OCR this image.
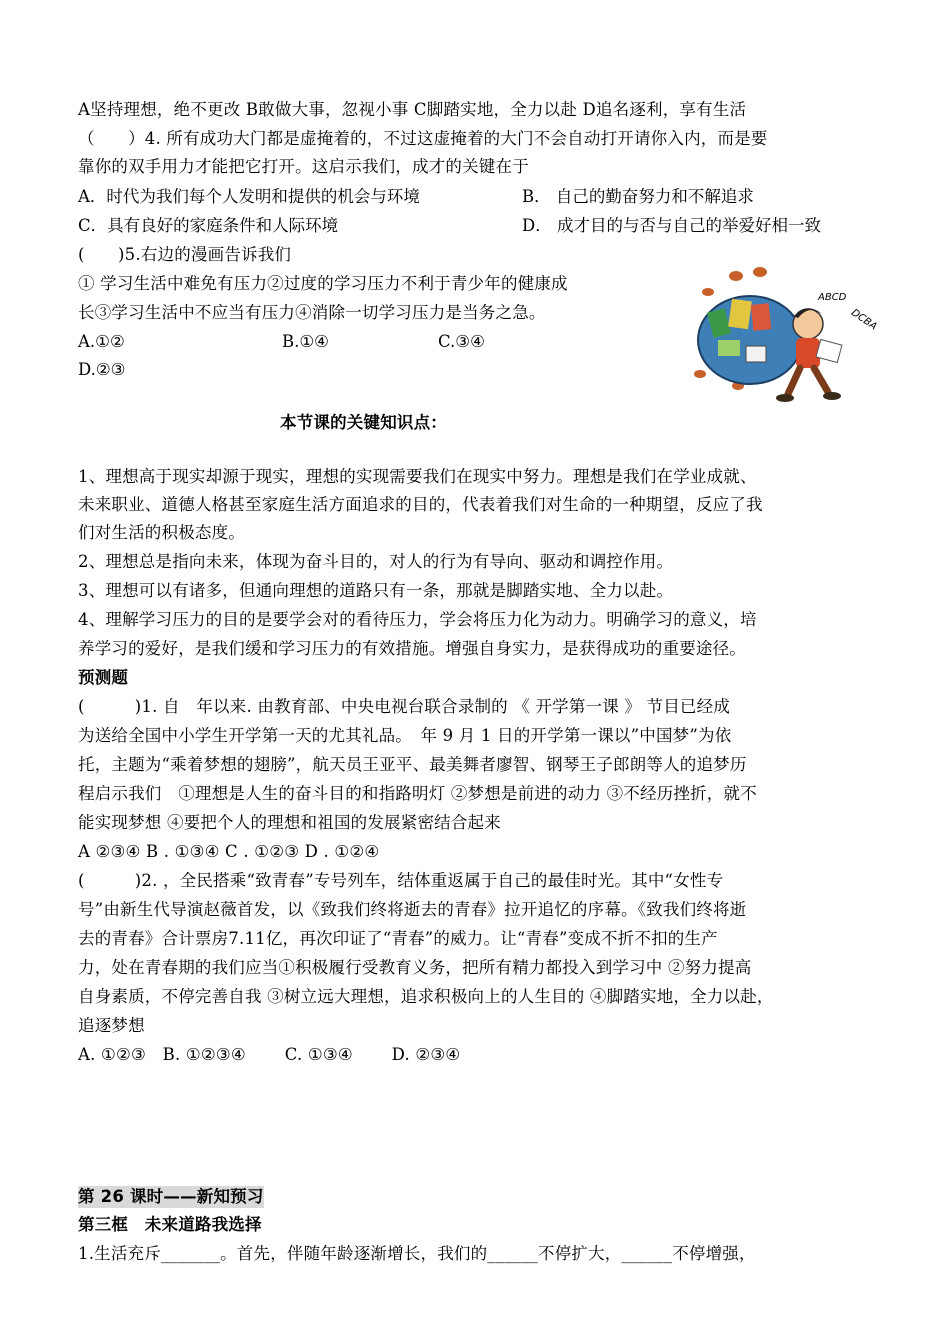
A坚持理想，绝不更改 B敢做大事，忽视小事 C脚踏实地，全力以赴 D追名逐利，享有生活
（　　）4. 所有成功大门都是虚掩着的，不过这虚掩着的大门不会自动打开请你入内，而是要
靠你的双手用力才能把它打开。这启示我们，成才的关键在于
A．时代为我们每个人发明和提供的机会与环境	B． 自己的勤奋努力和不解追求
C．具有良好的家庭条件和人际环境	D． 成才目的与否与自己的举爱好相一致
(　　)5.右边的漫画告诉我们
① 学习生活中难免有压力②过度的学习压力不利于青少年的健康成
长③学习生活中不应当有压力④消除一切学习压力是当务之急。
A.①②	B.①④	C.③④
D.②③
ABCD
DCBA
本节课的关键知识点：
1、理想高于现实却源于现实，理想的实现需要我们在现实中努力。理想是我们在学业成就、
未来职业、道德人格甚至家庭生活方面追求的目的，代表着我们对生命的一种期望，反应了我
们对生活的积极态度。
2、理想总是指向未来，体现为奋斗目的，对人的行为有导向、驱动和调控作用。
3、理想可以有诸多，但通向理想的道路只有一条，那就是脚踏实地、全力以赴。
4、理解学习压力的目的是要学会对的看待压力，学会将压力化为动力。明确学习的意义，培
养学习的爱好，是我们缓和学习压力的有效措施。增强自身实力，是获得成功的重要途径。
预测题
(　　　)1. 自　年以来. 由教育部、中央电视台联合录制的 《 开学第一课 》 节目已经成
为送给全国中小学生开学第一天的尤其礼品。　年 9 月 1 日的开学第一课以”中国梦”为依
托，主题为“乘着梦想的翅膀”，航天员王亚平、最美舞者廖智、钢琴王子郎朗等人的追梦历
程启示我们　①理想是人生的奋斗目的和指路明灯 ②梦想是前进的动力 ③不经历挫折，就不
能实现梦想 ④要把个人的理想和祖国的发展紧密结合起来
A ②③④ B . ①③④ C . ①②③ D . ①②④
(　　　)2. ，全民搭乘“致青春”专号列车，结体重返属于自己的最佳时光。其中“女性专
号”由新生代导演赵薇首发，以《致我们终将逝去的青春》拉开追忆的序幕。《致我们终将逝
去的青春》合计票房7.11亿，再次印证了“青春”的威力。让“青春”变成不折不扣的生产
力，处在青春期的我们应当①积极履行受教育义务，把所有精力都投入到学习中 ②努力提高
自身素质，不停完善自我 ③树立远大理想，追求积极向上的人生目的 ④脚踏实地，全力以赴，
追逐梦想
A. ①②③　B. ①②③④　　 C. ①③④　　 D. ②③④
第 26 课时——新知预习
第三框　未来道路我选择
1.生活充斥_______。首先，伴随年龄逐渐增长，我们的______不停扩大，______不停增强，
